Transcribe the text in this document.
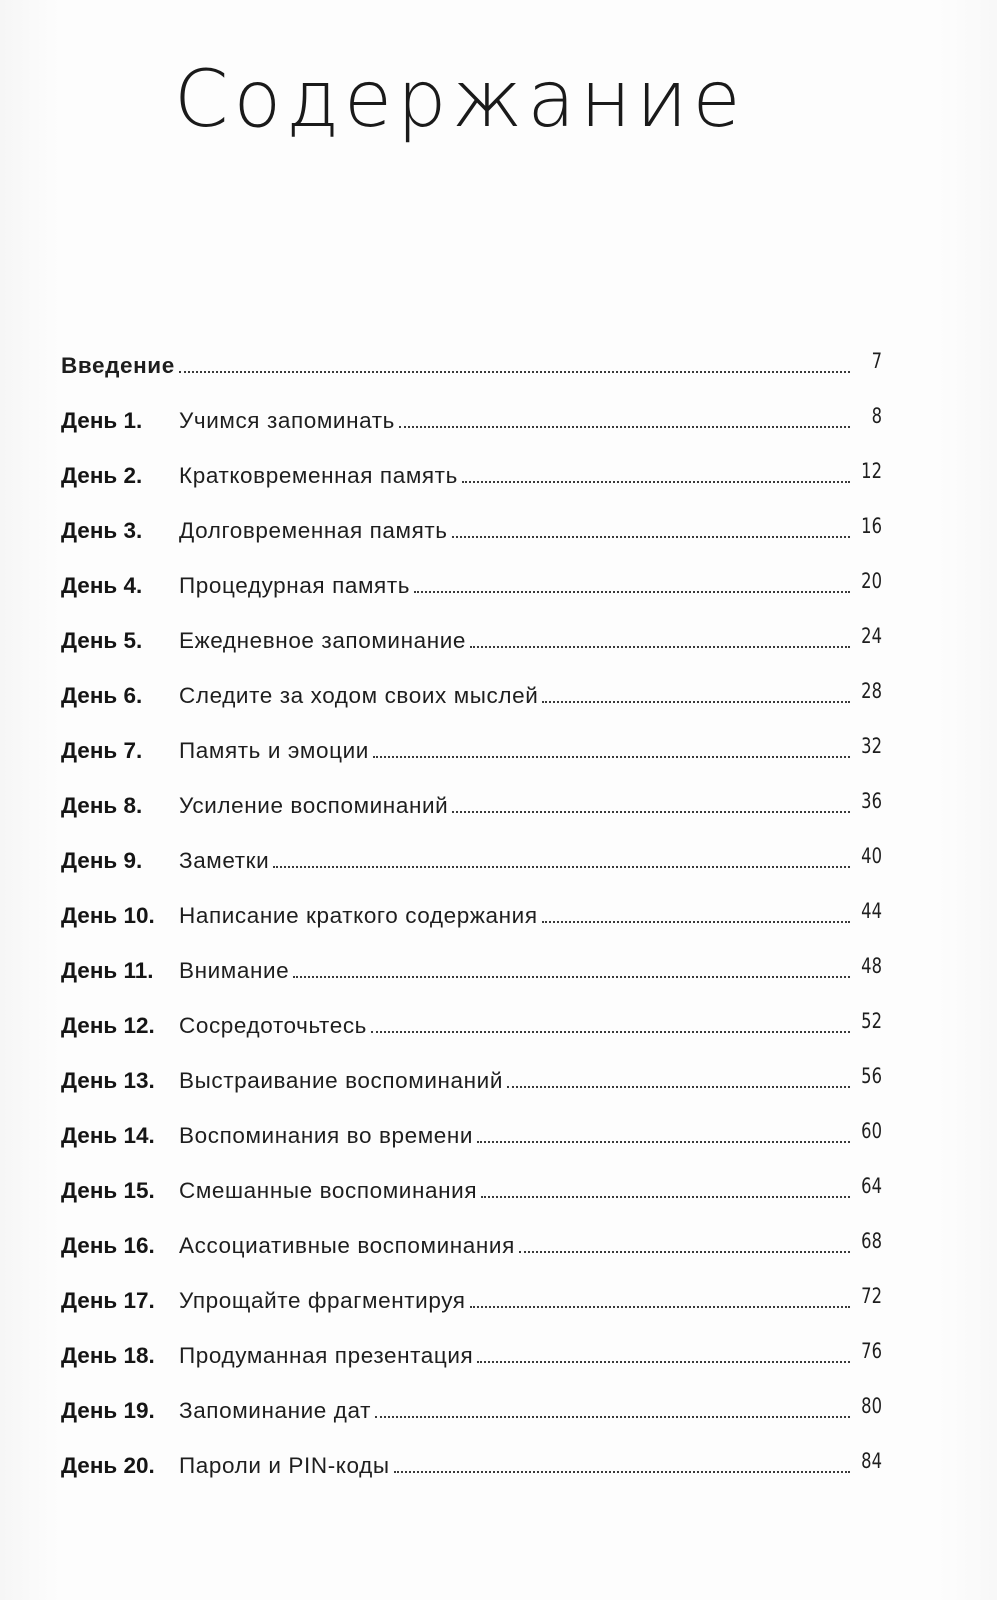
Содержание
Введение	7
День 1.	Учимся запоминать	8
День 2.	Кратковременная память	12
День 3.	Долговременная память	16
День 4.	Процедурная память	20
День 5.	Ежедневное запоминание	24
День 6.	Следите за ходом своих мыслей	28
День 7.	Память и эмоции	32
День 8.	Усиление воспоминаний	36
День 9.	Заметки	40
День 10.	Написание краткого содержания	44
День 11.	Внимание	48
День 12.	Сосредоточьтесь	52
День 13.	Выстраивание воспоминаний	56
День 14.	Воспоминания во времени	60
День 15.	Смешанные воспоминания	64
День 16.	Ассоциативные воспоминания	68
День 17.	Упрощайте фрагментируя	72
День 18.	Продуманная презентация	76
День 19.	Запоминание дат	80
День 20.	Пароли и PIN-коды	84
